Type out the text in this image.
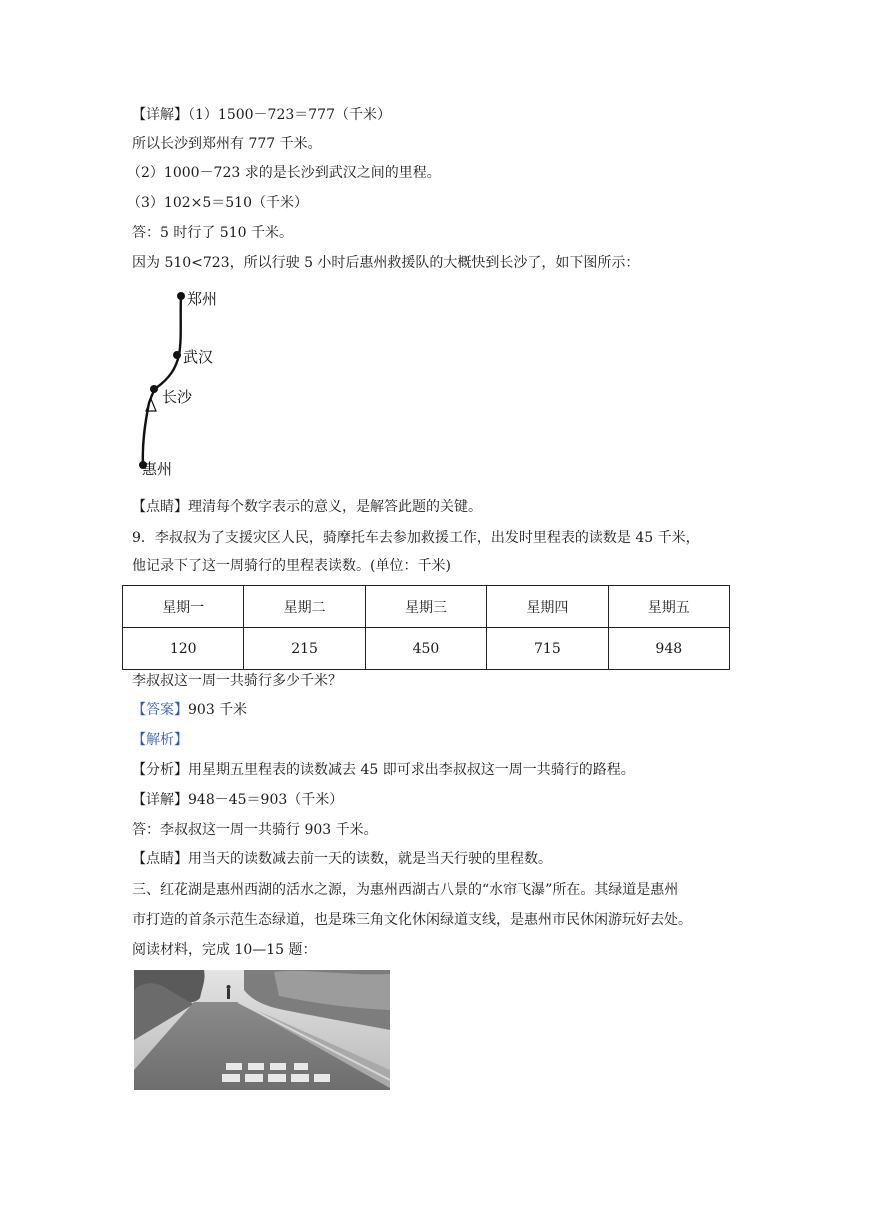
【详解】（1）1500－723＝777（千米）
所以长沙到郑州有 777 千米。
（2）1000－723 求的是长沙到武汉之间的里程。
（3）102×5＝510（千米）
答：5 时行了 510 千米。
因为 510<723，所以行驶 5 小时后惠州救援队的大概快到长沙了，如下图所示：
郑州
武汉
长沙
惠州
【点睛】理清每个数字表示的意义，是解答此题的关键。
9．李叔叔为了支援灾区人民，骑摩托车去参加救援工作，出发时里程表的读数是 45 千米，
他记录下了这一周骑行的里程表读数。(单位：千米)
星期一	星期二	星期三	星期四	星期五
120	215	450	715	948
李叔叔这一周一共骑行多少千米？
【答案】903 千米
【解析】
【分析】用星期五里程表的读数减去 45 即可求出李叔叔这一周一共骑行的路程。
【详解】948－45＝903（千米）
答：李叔叔这一周一共骑行 903 千米。
【点睛】用当天的读数减去前一天的读数，就是当天行驶的里程数。
三、红花湖是惠州西湖的活水之源，为惠州西湖古八景的“水帘飞瀑”所在。其绿道是惠州
市打造的首条示范生态绿道，也是珠三角文化休闲绿道支线，是惠州市民休闲游玩好去处。
阅读材料，完成 10—15 题：
